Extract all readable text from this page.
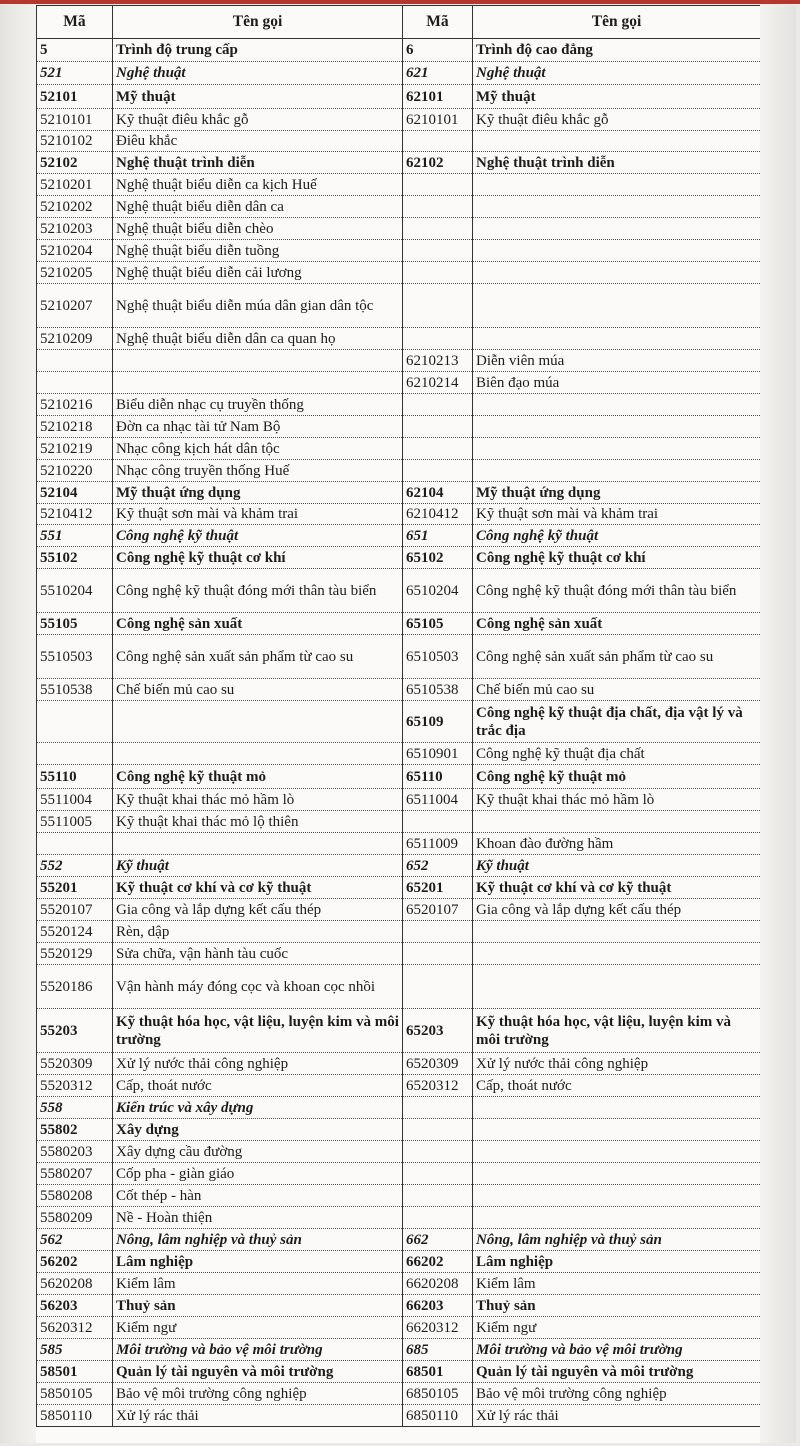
Mã	Tên gọi	Mã	Tên gọi
5	Trình độ trung cấp	6	Trình độ cao đẳng
521	Nghệ thuật	621	Nghệ thuật
52101	Mỹ thuật	62101	Mỹ thuật
5210101	Kỹ thuật điêu khắc gỗ	6210101	Kỹ thuật điêu khắc gỗ
5210102	Điêu khắc		
52102	Nghệ thuật trình diễn	62102	Nghệ thuật trình diễn
5210201	Nghệ thuật biểu diễn ca kịch Huế		
5210202	Nghệ thuật biểu diễn dân ca		
5210203	Nghệ thuật biểu diễn chèo		
5210204	Nghệ thuật biểu diễn tuồng		
5210205	Nghệ thuật biểu diễn cải lương		
5210207	Nghệ thuật biểu diễn múa dân gian dân tộc		
5210209	Nghệ thuật biểu diễn dân ca quan họ		
		6210213	Diễn viên múa
		6210214	Biên đạo múa
5210216	Biểu diễn nhạc cụ truyền thống		
5210218	Đờn ca nhạc tài tử Nam Bộ		
5210219	Nhạc công kịch hát dân tộc		
5210220	Nhạc công truyền thống Huế		
52104	Mỹ thuật ứng dụng	62104	Mỹ thuật ứng dụng
5210412	Kỹ thuật sơn mài và khảm trai	6210412	Kỹ thuật sơn mài và khảm trai
551	Công nghệ kỹ thuật	651	Công nghệ kỹ thuật
55102	Công nghệ kỹ thuật cơ khí	65102	Công nghệ kỹ thuật cơ khí
5510204	Công nghệ kỹ thuật đóng mới thân tàu biển	6510204	Công nghệ kỹ thuật đóng mới thân tàu biển
55105	Công nghệ sản xuất	65105	Công nghệ sản xuất
5510503	Công nghệ sản xuất sản phẩm từ cao su	6510503	Công nghệ sản xuất sản phẩm từ cao su
5510538	Chế biến mủ cao su	6510538	Chế biến mủ cao su
		65109	Công nghệ kỹ thuật địa chất, địa vật lý và trắc địa
		6510901	Công nghệ kỹ thuật địa chất
55110	Công nghệ kỹ thuật mỏ	65110	Công nghệ kỹ thuật mỏ
5511004	Kỹ thuật khai thác mỏ hầm lò	6511004	Kỹ thuật khai thác mỏ hầm lò
5511005	Kỹ thuật khai thác mỏ lộ thiên		
		6511009	Khoan đào đường hầm
552	Kỹ thuật	652	Kỹ thuật
55201	Kỹ thuật cơ khí và cơ kỹ thuật	65201	Kỹ thuật cơ khí và cơ kỹ thuật
5520107	Gia công và lắp dựng kết cấu thép	6520107	Gia công và lắp dựng kết cấu thép
5520124	Rèn, dập		
5520129	Sửa chữa, vận hành tàu cuốc		
5520186	Vận hành máy đóng cọc và khoan cọc nhồi		
55203	Kỹ thuật hóa học, vật liệu, luyện kim và môi trường	65203	Kỹ thuật hóa học, vật liệu, luyện kim và môi trường
5520309	Xử lý nước thải công nghiệp	6520309	Xử lý nước thải công nghiệp
5520312	Cấp, thoát nước	6520312	Cấp, thoát nước
558	Kiến trúc và xây dựng		
55802	Xây dựng		
5580203	Xây dựng cầu đường		
5580207	Cốp pha - giàn giáo		
5580208	Cốt thép - hàn		
5580209	Nề - Hoàn thiện		
562	Nông, lâm nghiệp và thuỷ sản	662	Nông, lâm nghiệp và thuỷ sản
56202	Lâm nghiệp	66202	Lâm nghiệp
5620208	Kiểm lâm	6620208	Kiểm lâm
56203	Thuỷ sản	66203	Thuỷ sản
5620312	Kiểm ngư	6620312	Kiểm ngư
585	Môi trường và bảo vệ môi trường	685	Môi trường và bảo vệ môi trường
58501	Quản lý tài nguyên và môi trường	68501	Quản lý tài nguyên và môi trường
5850105	Bảo vệ môi trường công nghiệp	6850105	Bảo vệ môi trường công nghiệp
5850110	Xử lý rác thải	6850110	Xử lý rác thải
